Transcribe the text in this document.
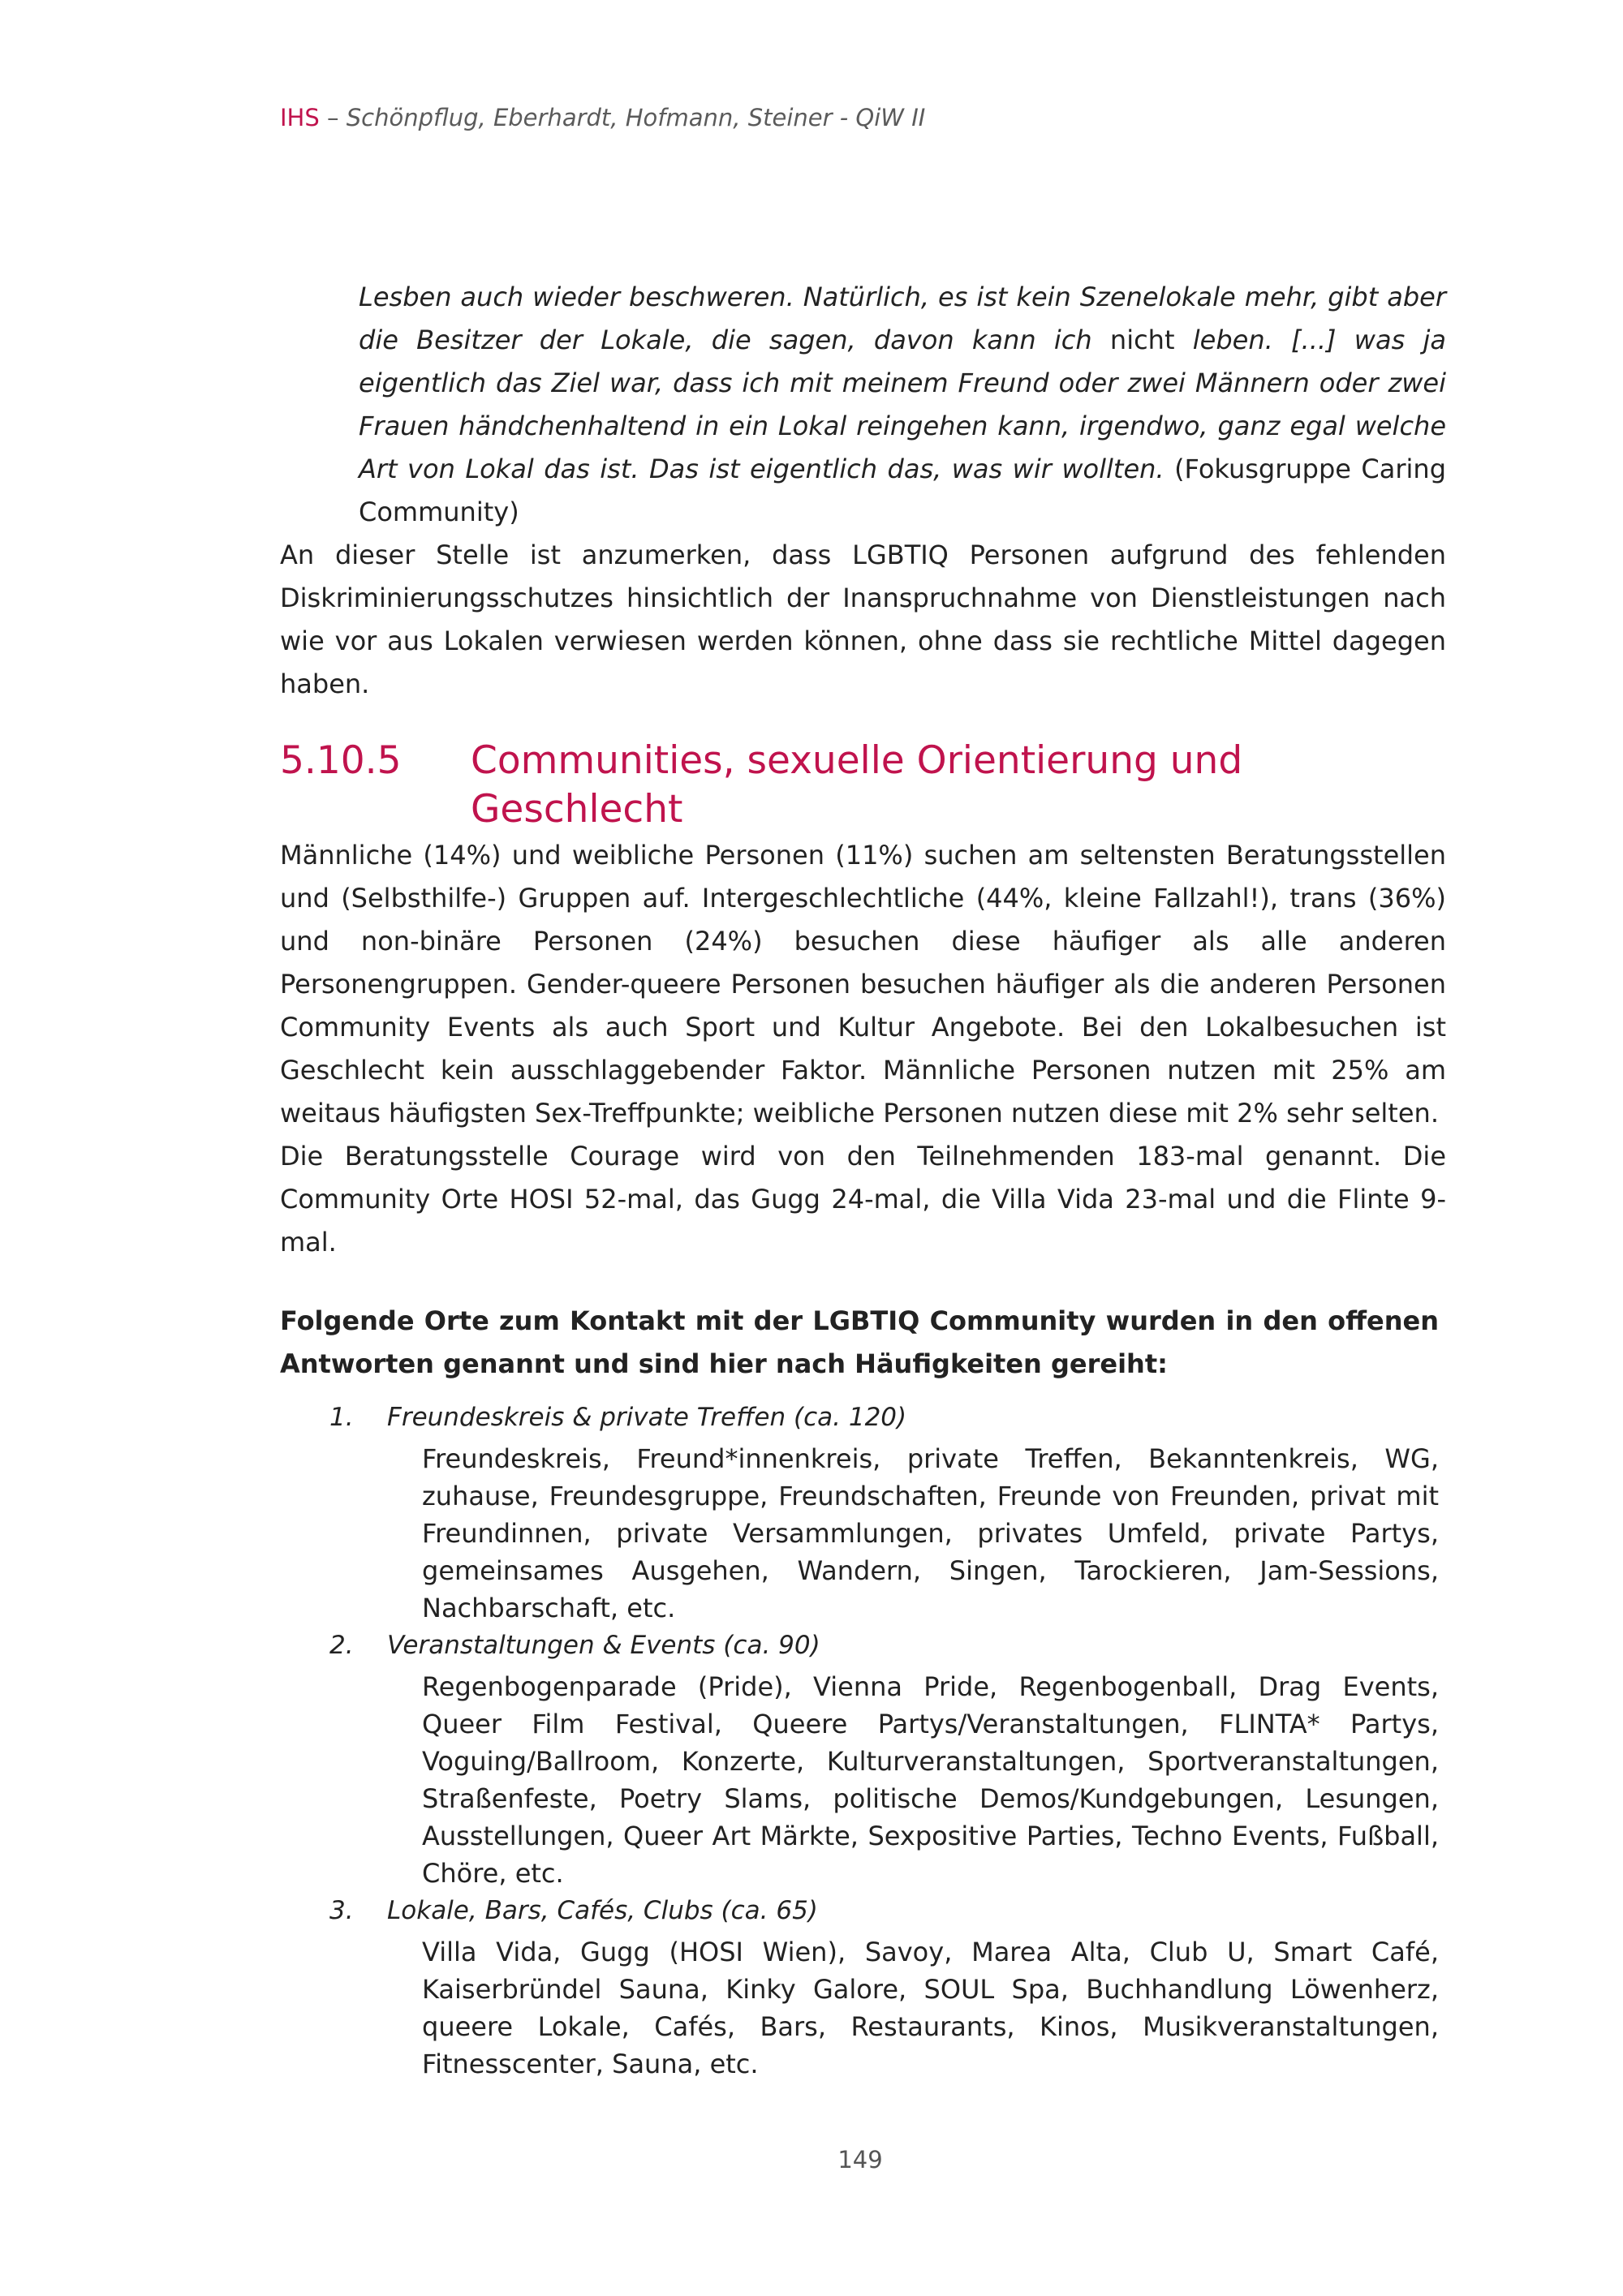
IHS – Schönpflug, Eberhardt, Hofmann, Steiner - QiW II
Lesben auch wieder beschweren. Natürlich, es ist kein Szenelokale mehr, gibt aber die Besitzer der Lokale, die sagen, davon kann ich nicht leben. [...] was ja eigentlich das Ziel war, dass ich mit meinem Freund oder zwei Männern oder zwei Frauen händchenhaltend in ein Lokal reingehen kann, irgendwo, ganz egal welche Art von Lokal das ist. Das ist eigentlich das, was wir wollten. (Fokusgruppe Caring Community)

An dieser Stelle ist anzumerken, dass LGBTIQ Personen aufgrund des fehlenden Diskriminierungsschutzes hinsichtlich der Inanspruchnahme von Dienstleistungen nach wie vor aus Lokalen verwiesen werden können, ohne dass sie rechtliche Mittel dagegen haben.

5.10.5	Communities, sexuelle Orientierung und Geschlecht

Männliche (14%) und weibliche Personen (11%) suchen am seltensten Beratungsstellen und (Selbsthilfe-) Gruppen auf. Intergeschlechtliche (44%, kleine Fallzahl!), trans (36%) und non-binäre Personen (24%) besuchen diese häufiger als alle anderen Personengruppen. Gender-queere Personen besuchen häufiger als die anderen Personen Community Events als auch Sport und Kultur Angebote. Bei den Lokalbesuchen ist Geschlecht kein ausschlaggebender Faktor. Männliche Personen nutzen mit 25% am weitaus häufigsten Sex-Treffpunkte; weibliche Personen nutzen diese mit 2% sehr selten.

Die Beratungsstelle Courage wird von den Teilnehmenden 183-mal genannt. Die Community Orte HOSI 52-mal, das Gugg 24-mal, die Villa Vida 23-mal und die Flinte 9-mal.

Folgende Orte zum Kontakt mit der LGBTIQ Community wurden in den offenen Antworten genannt und sind hier nach Häufigkeiten gereiht:
1.	Freundeskreis & private Treffen (ca. 120)
Freundeskreis, Freund*innenkreis, private Treffen, Bekanntenkreis, WG, zuhause, Freundesgruppe, Freundschaften, Freunde von Freunden, privat mit Freundinnen, private Versammlungen, privates Umfeld, private Partys, gemeinsames Ausgehen, Wandern, Singen, Tarockieren, Jam-Sessions, Nachbarschaft, etc.
2.	Veranstaltungen & Events (ca. 90)
Regenbogenparade (Pride), Vienna Pride, Regenbogenball, Drag Events, Queer Film Festival, Queere Partys/Veranstaltungen, FLINTA* Partys, Voguing/Ballroom, Konzerte, Kulturveranstaltungen, Sportveranstaltungen, Straßenfeste, Poetry Slams, politische Demos/Kundgebungen, Lesungen, Ausstellungen, Queer Art Märkte, Sexpositive Parties, Techno Events, Fußball, Chöre, etc.
3.	Lokale, Bars, Cafés, Clubs (ca. 65)
Villa Vida, Gugg (HOSI Wien), Savoy, Marea Alta, Club U, Smart Café, Kaiserbründel Sauna, Kinky Galore, SOUL Spa, Buchhandlung Löwenherz, queere Lokale, Cafés, Bars, Restaurants, Kinos, Musikveranstaltungen, Fitnesscenter, Sauna, etc.
149
